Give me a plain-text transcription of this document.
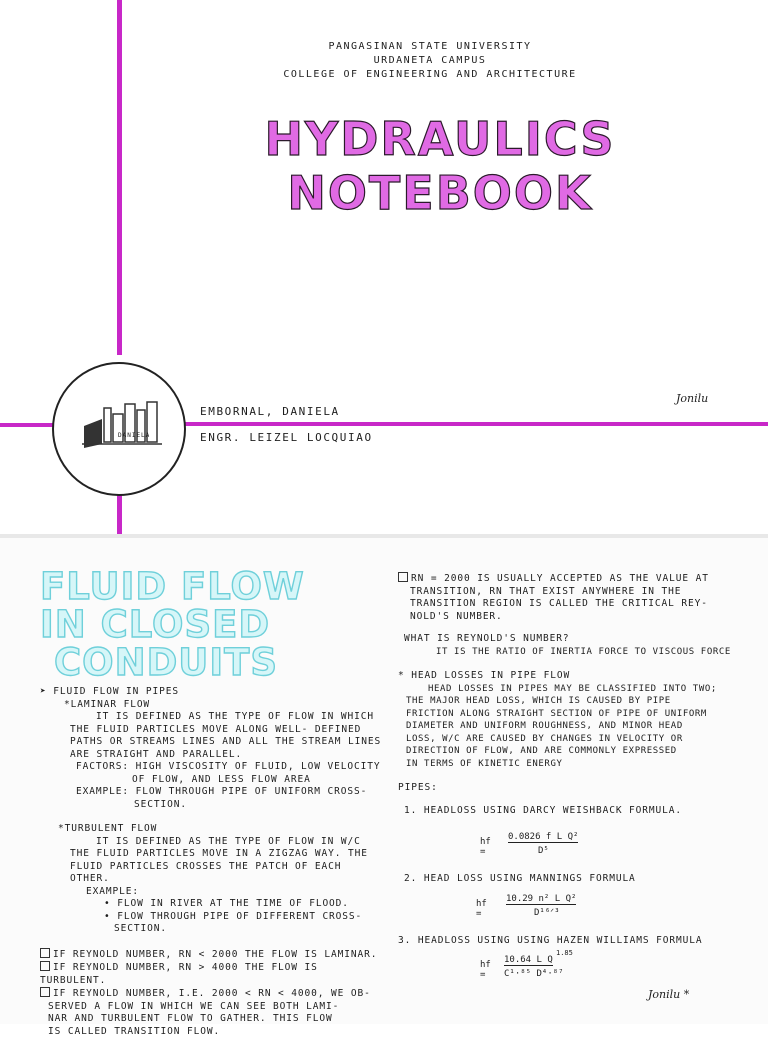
PANGASINAN STATE UNIVERSITY
URDANETA CAMPUS
COLLEGE OF ENGINEERING AND ARCHITECTURE
HYDRAULICS
NOTEBOOK
DANIELA
EMBORNAL, DANIELA
ENGR. LEIZEL LOCQUIAO
Jonilu
FLUID FLOW
IN CLOSED
CONDUITS
➤ FLUID FLOW IN PIPES
*LAMINAR FLOW
IT IS DEFINED AS THE TYPE OF FLOW IN WHICH
THE FLUID PARTICLES MOVE ALONG WELL- DEFINED
PATHS OR STREAMS LINES AND ALL THE STREAM LINES
ARE STRAIGHT AND PARALLEL.
FACTORS: HIGH VISCOSITY OF FLUID, LOW VELOCITY
OF FLOW, AND LESS FLOW AREA
EXAMPLE: FLOW THROUGH PIPE OF UNIFORM CROSS-
SECTION.
*TURBULENT FLOW
IT IS DEFINED AS THE TYPE OF FLOW IN W/C
THE FLUID PARTICLES MOVE IN A ZIGZAG WAY. THE
FLUID PARTICLES CROSSES THE PATCH OF EACH OTHER.
EXAMPLE:
• FLOW IN RIVER AT THE TIME OF FLOOD.
• FLOW THROUGH PIPE OF DIFFERENT CROSS-
SECTION.
IF REYNOLD NUMBER, RN < 2000 THE FLOW IS LAMINAR.
IF REYNOLD NUMBER, RN > 4000 THE FLOW IS TURBULENT.
IF REYNOLD NUMBER, I.E. 2000 < RN < 4000, WE OB-
SERVED A FLOW IN WHICH WE CAN SEE BOTH LAMI-
NAR AND TURBULENT FLOW TO GATHER. THIS FLOW
IS CALLED TRANSITION FLOW.
RN = 2000 IS USUALLY ACCEPTED AS THE VALUE AT
TRANSITION, RN THAT EXIST ANYWHERE IN THE
TRANSITION REGION IS CALLED THE CRITICAL REY-
NOLD'S NUMBER.
WHAT IS REYNOLD'S NUMBER?
IT IS THE RATIO OF INERTIA FORCE TO VISCOUS FORCE
* HEAD LOSSES IN PIPE FLOW
HEAD LOSSES IN PIPES MAY BE CLASSIFIED INTO TWO;
THE MAJOR HEAD LOSS, WHICH IS CAUSED BY PIPE
FRICTION ALONG STRAIGHT SECTION OF PIPE OF UNIFORM
DIAMETER AND UNIFORM ROUGHNESS, AND MINOR HEAD
LOSS, W/C ARE CAUSED BY CHANGES IN VELOCITY OR
DIRECTION OF FLOW, AND ARE COMMONLY EXPRESSED
IN TERMS OF KINETIC ENERGY
PIPES:
1. HEADLOSS USING DARCY WEISHBACK FORMULA.
hf =
0.0826 f L Q²
D⁵
2. HEAD LOSS USING MANNINGS FORMULA
hf =
10.29 n² L Q²
D¹⁶ᐟ³
3. HEADLOSS USING USING HAZEN WILLIAMS FORMULA
hf =
10.64 L Q
1.85
C¹·⁸⁵ D⁴·⁸⁷
Jonilu *
